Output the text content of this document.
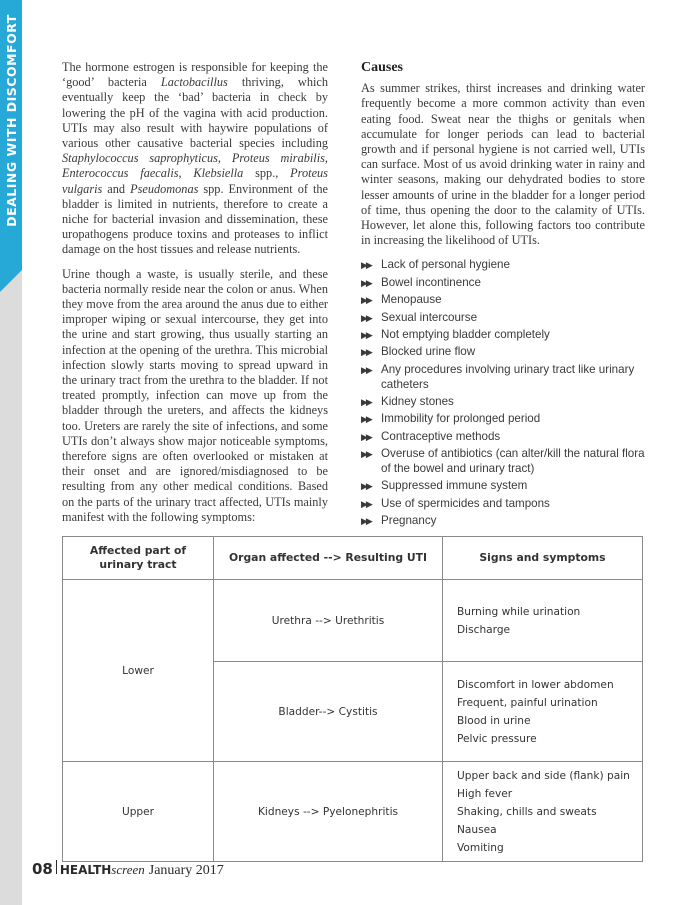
DEALING WITH DISCOMFORT	The hormone estrogen is responsible for keeping the ‘good’ bacteria Lactobacillus thriving, which eventually keep the ‘bad’ bacteria in check by lowering the pH of the vagina with acid production. UTIs may also result with haywire populations of various other causative bacterial species including Staphylococcus saprophyticus, Proteus mirabilis, Enterococcus faecalis, Klebsiella spp., Proteus vulgaris and Pseudomonas spp. Environment of the bladder is limited in nutrients, therefore to create a niche for bacterial invasion and dissemination, these uropathogens produce toxins and proteases to inflict damage on the host tissues and release nutrients.

Urine though a waste, is usually sterile, and these bacteria normally reside near the colon or anus. When they move from the area around the anus due to either improper wiping or sexual intercourse, they get into the urine and start growing, thus usually starting an infection at the opening of the urethra. This microbial infection slowly starts moving to spread upward in the urinary tract from the urethra to the bladder. If not treated promptly, infection can move up from the bladder through the ureters, and affects the kidneys too. Ureters are rarely the site of infections, and some UTIs don’t always show major noticeable symptoms, therefore signs are often overlooked or mistaken at their onset and are ignored/misdiagnosed to be resulting from any other medical conditions. Based on the parts of the urinary tract affected, UTIs mainly manifest with the following symptoms:

Causes

As summer strikes, thirst increases and drinking water frequently become a more common activity than even eating food. Sweat near the thighs or genitals when accumulate for longer periods can lead to bacterial growth and if personal hygiene is not carried well, UTIs can surface. Most of us avoid drinking water in rainy and winter seasons, making our dehydrated bodies to store lesser amounts of urine in the bladder for a longer period of time, thus opening the door to the calamity of UTIs. However, let alone this, following factors too contribute in increasing the likelihood of UTIs.

▶▶ Lack of personal hygiene
▶▶ Bowel incontinence
▶▶ Menopause
▶▶ Sexual intercourse
▶▶ Not emptying bladder completely
▶▶ Blocked urine flow
▶▶ Any procedures involving urinary tract like urinary catheters
▶▶ Kidney stones
▶▶ Immobility for prolonged period
▶▶ Contraceptive methods
▶▶ Overuse of antibiotics (can alter/kill the natural flora of the bowel and urinary tract)
▶▶ Suppressed immune system
▶▶ Use of spermicides and tampons
▶▶ Pregnancy
Affected part of urinary tract	Organ affected --> Resulting UTI	Signs and symptoms
Lower	Urethra --> Urethritis	Burning while urination
Discharge

	Bladder--> Cystitis	Discomfort in lower abdomen
Frequent, painful urination
Blood in urine
Pelvic pressure

Upper	Kidneys --> Pyelonephritis	Upper back and side (flank) pain
High fever
Shaking, chills and sweats
Nausea
Vomiting
08 HEALTH screen January 2017
